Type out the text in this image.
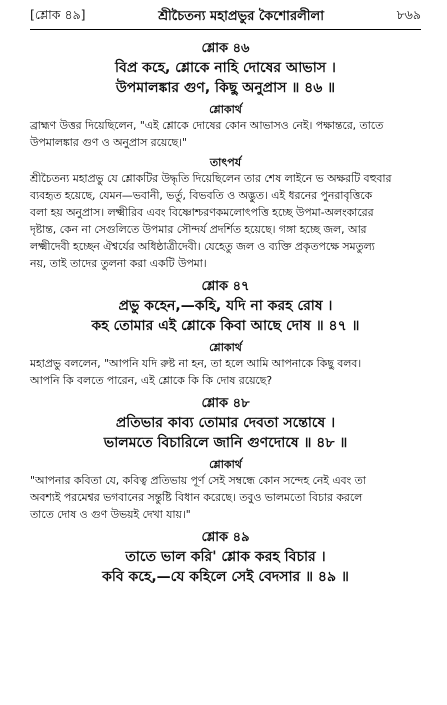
[শ্লোক ৪৯]	শ্রীচৈতন্য মহাপ্রভুর কৈশোরলীলা	৮৬৯
শ্লোক ৪৬
বিপ্র কহে, শ্লোকে নাহি দোষের আভাস ।
উপমালঙ্কার গুণ, কিছু অনুপ্রাস ॥ ৪৬ ॥
শ্লোকার্থ
ব্রাহ্মণ উত্তর দিয়েছিলেন, "এই শ্লোকে দোষের কোন আভাসও নেই। পক্ষান্তরে, তাতে
উপমালঙ্কার গুণ ও অনুপ্রাস রয়েছে।"
তাৎপর্য
শ্রীচৈতন্য মহাপ্রভু যে শ্লোকটির উদ্ধৃতি দিয়েছিলেন তার শেষ লাইনে ভ অক্ষরটি বহুবার
ব্যবহৃত হয়েছে, যেমন—ভবানী, ভর্তু, বিভবতি ও অদ্ভুত। এই ধরনের পুনরাবৃত্তিকে
বলা হয় অনুপ্রাস। লক্ষ্মীরিব এবং বিষ্ণোশ্চরণকমলোৎপত্তি হচ্ছে উপমা-অলংকারের
দৃষ্টান্ত, কেন না সেগুলিতে উপমার সৌন্দর্য প্রদর্শিত হয়েছে। গঙ্গা হচ্ছে জল, আর
লক্ষ্মীদেবী হচ্ছেন ঐশ্বর্যের অধিষ্ঠাত্রীদেবী। যেহেতু জল ও ব্যক্তি প্রকৃতপক্ষে সমতুল্য
নয়, তাই তাদের তুলনা করা একটি উপমা।
শ্লোক ৪৭
প্রভু কহেন,—কহি, যদি না করহ রোষ ।
কহ তোমার এই শ্লোকে কিবা আছে দোষ ॥ ৪৭ ॥
শ্লোকার্থ
মহাপ্রভু বললেন, "আপনি যদি রুষ্ট না হন, তা হলে আমি আপনাকে কিছু বলব।
আপনি কি বলতে পারেন, এই শ্লোকে কি কি দোষ রয়েছে?
শ্লোক ৪৮
প্রতিভার কাব্য তোমার দেবতা সন্তোষে ।
ভালমতে বিচারিলে জানি গুণদোষে ॥ ৪৮ ॥
শ্লোকার্থ
"আপনার কবিতা যে, কবিত্ব প্রতিভায় পূর্ণ সেই সম্বন্ধে কোন সন্দেহ নেই এবং তা
অবশ্যই পরমেশ্বর ভগবানের সন্তুষ্টি বিধান করেছে। তবুও ভালমতো বিচার করলে
তাতে দোষ ও গুণ উভয়ই দেখা যায়।"
শ্লোক ৪৯
তাতে ভাল করি' শ্লোক করহ বিচার ।
কবি কহে,—যে কহিলে সেই বেদসার ॥ ৪৯ ॥
